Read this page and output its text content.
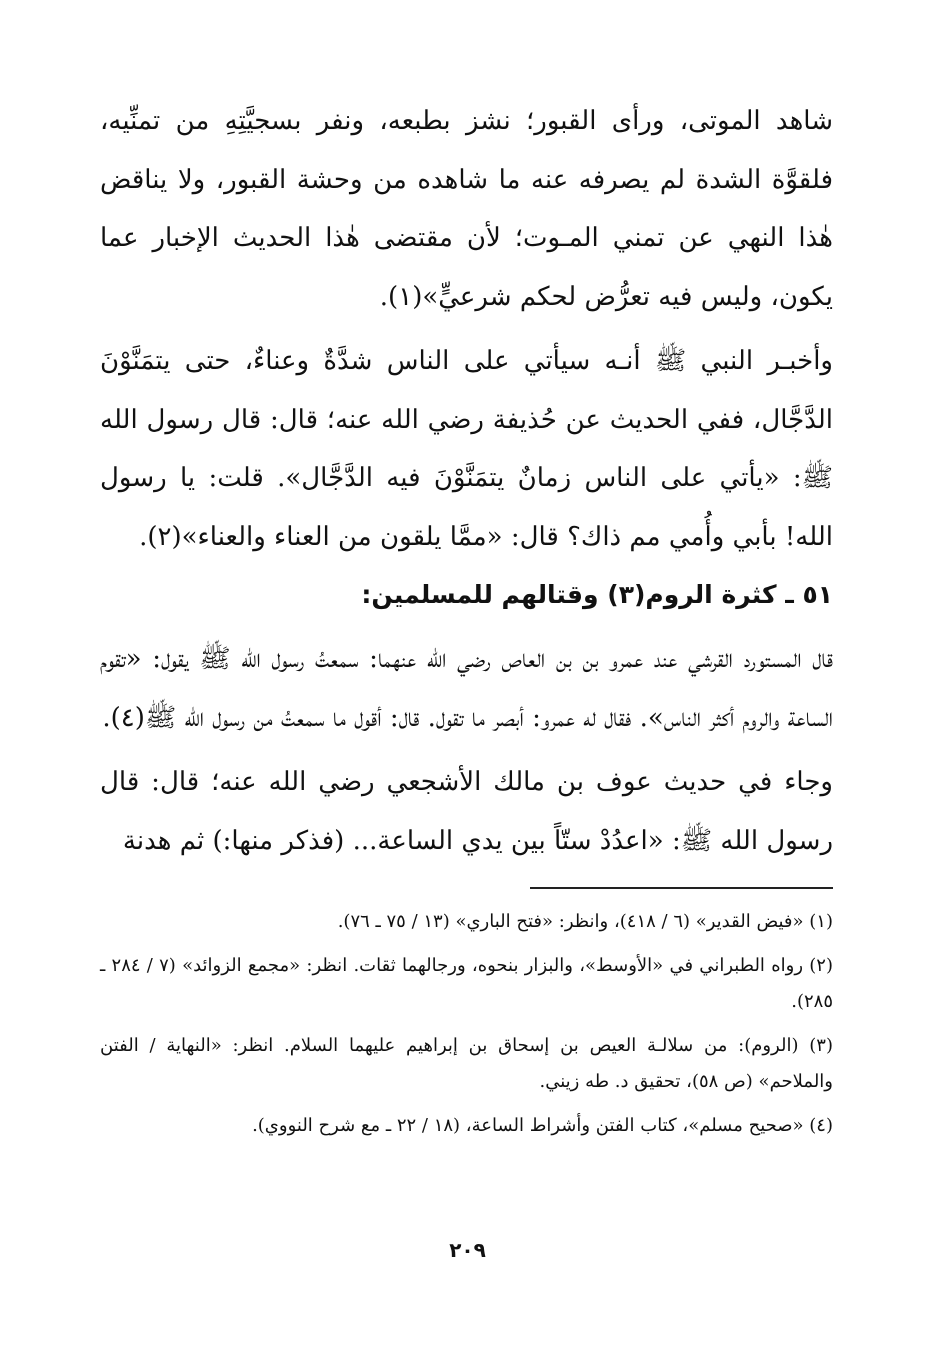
شاهد الموتى، ورأى القبور؛ نشز بطبعه، ونفر بسجيَّتِهِ من تمنِّيه، فلقوَّة الشدة لم يصرفه عنه ما شاهده من وحشة القبور، ولا يناقض هٰذا النهي عن تمني المـوت؛ لأن مقتضى هٰذا الحديث الإخبار عما يكون، وليس فيه تعرُّض لحكم شرعيٍّ»(١).

وأخبـر النبي ﷺ أنـه سيأتي على الناس شدَّةٌ وعناءٌ، حتى يتمَنَّوْنَ الدَّجَّال، ففي الحديث عن حُذيفة رضي الله عنه؛ قال: قال رسول الله ﷺ: «يأتي على الناس زمانٌ يتمَنَّوْنَ فيه الدَّجَّال». قلت: يا رسول الله! بأبي وأُمي مم ذاك؟ قال: «ممَّا يلقون من العناء والعناء»(٢).

٥١ ـ كثرة الروم(٣) وقتالهم للمسلمين:

قال المستورد القرشي عند عمرو بن بن العاص رضي الله عنهما: سمعتُ رسول الله ﷺ يقول: «تقوم الساعة والروم أكثر الناس». فقال له عمرو: أبصر ما تقول. قال: أقول ما سمعتُ من رسول الله ﷺ(٤).

وجاء في حديث عوف بن مالك الأشجعي رضي الله عنه؛ قال: قال رسول الله ﷺ: «اعدُدْ ستّاً بين يدي الساعة... (فذكر منها:) ثم هدنة

(١) «فيض القدير» (٦ / ٤١٨)، وانظر: «فتح الباري» (١٣ / ٧٥ ـ ٧٦).

(٢) رواه الطبراني في «الأوسط»، والبزار بنحوه، ورجالهما ثقات. انظر: «مجمع الزوائد» (٧ / ٢٨٤ ـ ٢٨٥).

(٣) (الروم): من سلالـة العيص بن إسحاق بن إبراهيم عليهما السلام. انظر: «النهاية / الفتن والملاحم» (ص ٥٨)، تحقيق د. طه زيني.

(٤) «صحيح مسلم»، كتاب الفتن وأشراط الساعة، (١٨ / ٢٢ ـ مع شرح النووي).

٢٠٩
